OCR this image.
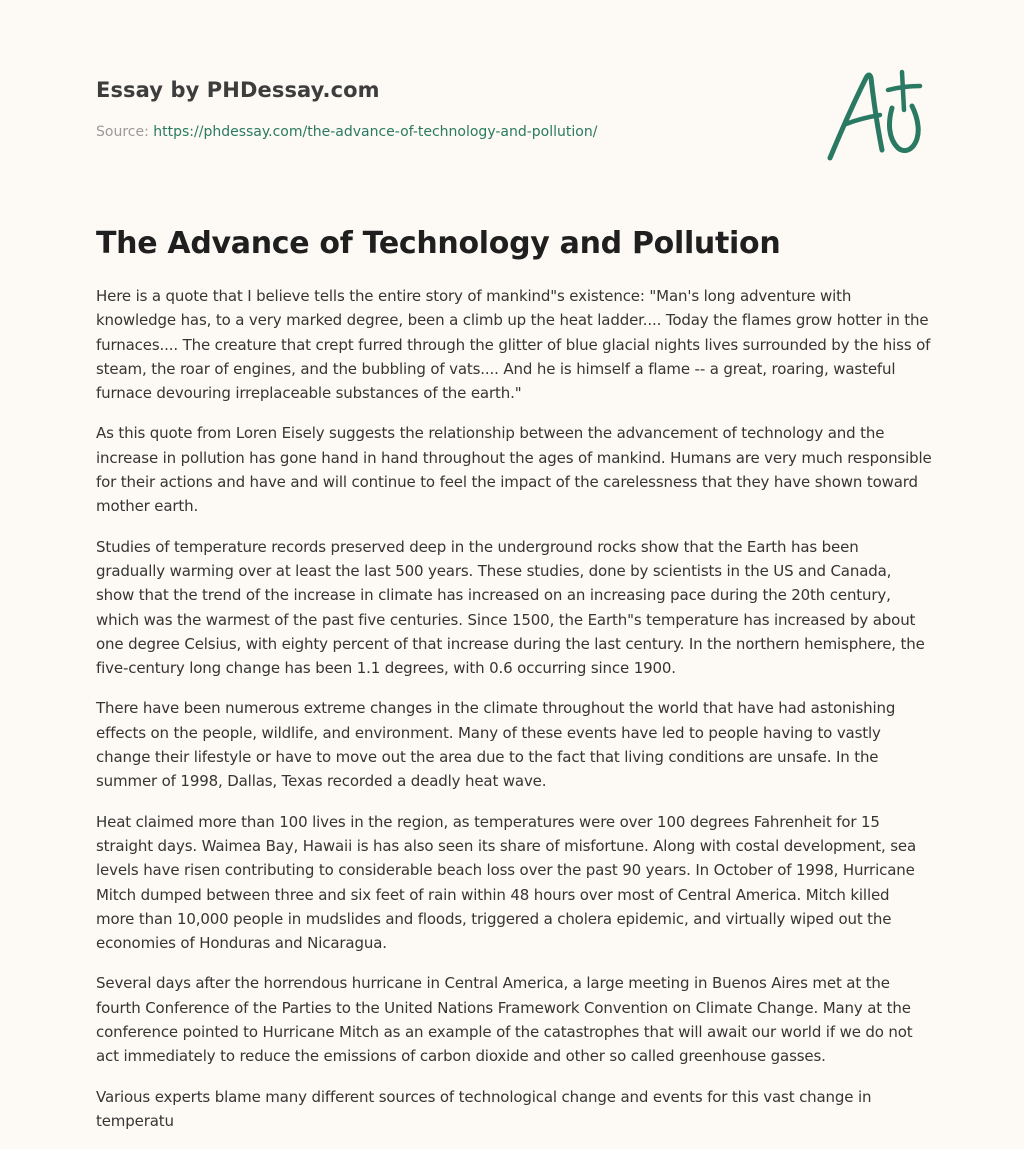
Essay by PHDessay.com

Source: https://phdessay.com/the-advance-of-technology-and-pollution/

The Advance of Technology and Pollution

Here is a quote that I believe tells the entire story of mankind"s existence: "Man's long adventure with knowledge has, to a very marked degree, been a climb up the heat ladder.... Today the flames grow hotter in the furnaces.... The creature that crept furred through the glitter of blue glacial nights lives surrounded by the hiss of steam, the roar of engines, and the bubbling of vats.... And he is himself a flame -- a great, roaring, wasteful furnace devouring irreplaceable substances of the earth."

As this quote from Loren Eisely suggests the relationship between the advancement of technology and the increase in pollution has gone hand in hand throughout the ages of mankind. Humans are very much responsible for their actions and have and will continue to feel the impact of the carelessness that they have shown toward mother earth.

Studies of temperature records preserved deep in the underground rocks show that the Earth has been gradually warming over at least the last 500 years. These studies, done by scientists in the US and Canada, show that the trend of the increase in climate has increased on an increasing pace during the 20th century, which was the warmest of the past five centuries. Since 1500, the Earth"s temperature has increased by about one degree Celsius, with eighty percent of that increase during the last century. In the northern hemisphere, the five-century long change has been 1.1 degrees, with 0.6 occurring since 1900.

There have been numerous extreme changes in the climate throughout the world that have had astonishing effects on the people, wildlife, and environment. Many of these events have led to people having to vastly change their lifestyle or have to move out the area due to the fact that living conditions are unsafe. In the summer of 1998, Dallas, Texas recorded a deadly heat wave.

Heat claimed more than 100 lives in the region, as temperatures were over 100 degrees Fahrenheit for 15 straight days. Waimea Bay, Hawaii is has also seen its share of misfortune. Along with costal development, sea levels have risen contributing to considerable beach loss over the past 90 years. In October of 1998, Hurricane Mitch dumped between three and six feet of rain within 48 hours over most of Central America. Mitch killed more than 10,000 people in mudslides and floods, triggered a cholera epidemic, and virtually wiped out the economies of Honduras and Nicaragua.

Several days after the horrendous hurricane in Central America, a large meeting in Buenos Aires met at the fourth Conference of the Parties to the United Nations Framework Convention on Climate Change. Many at the conference pointed to Hurricane Mitch as an example of the catastrophes that will await our world if we do not act immediately to reduce the emissions of carbon dioxide and other so called greenhouse gasses.

Various experts blame many different sources of technological change and events for this vast change in temperatu
